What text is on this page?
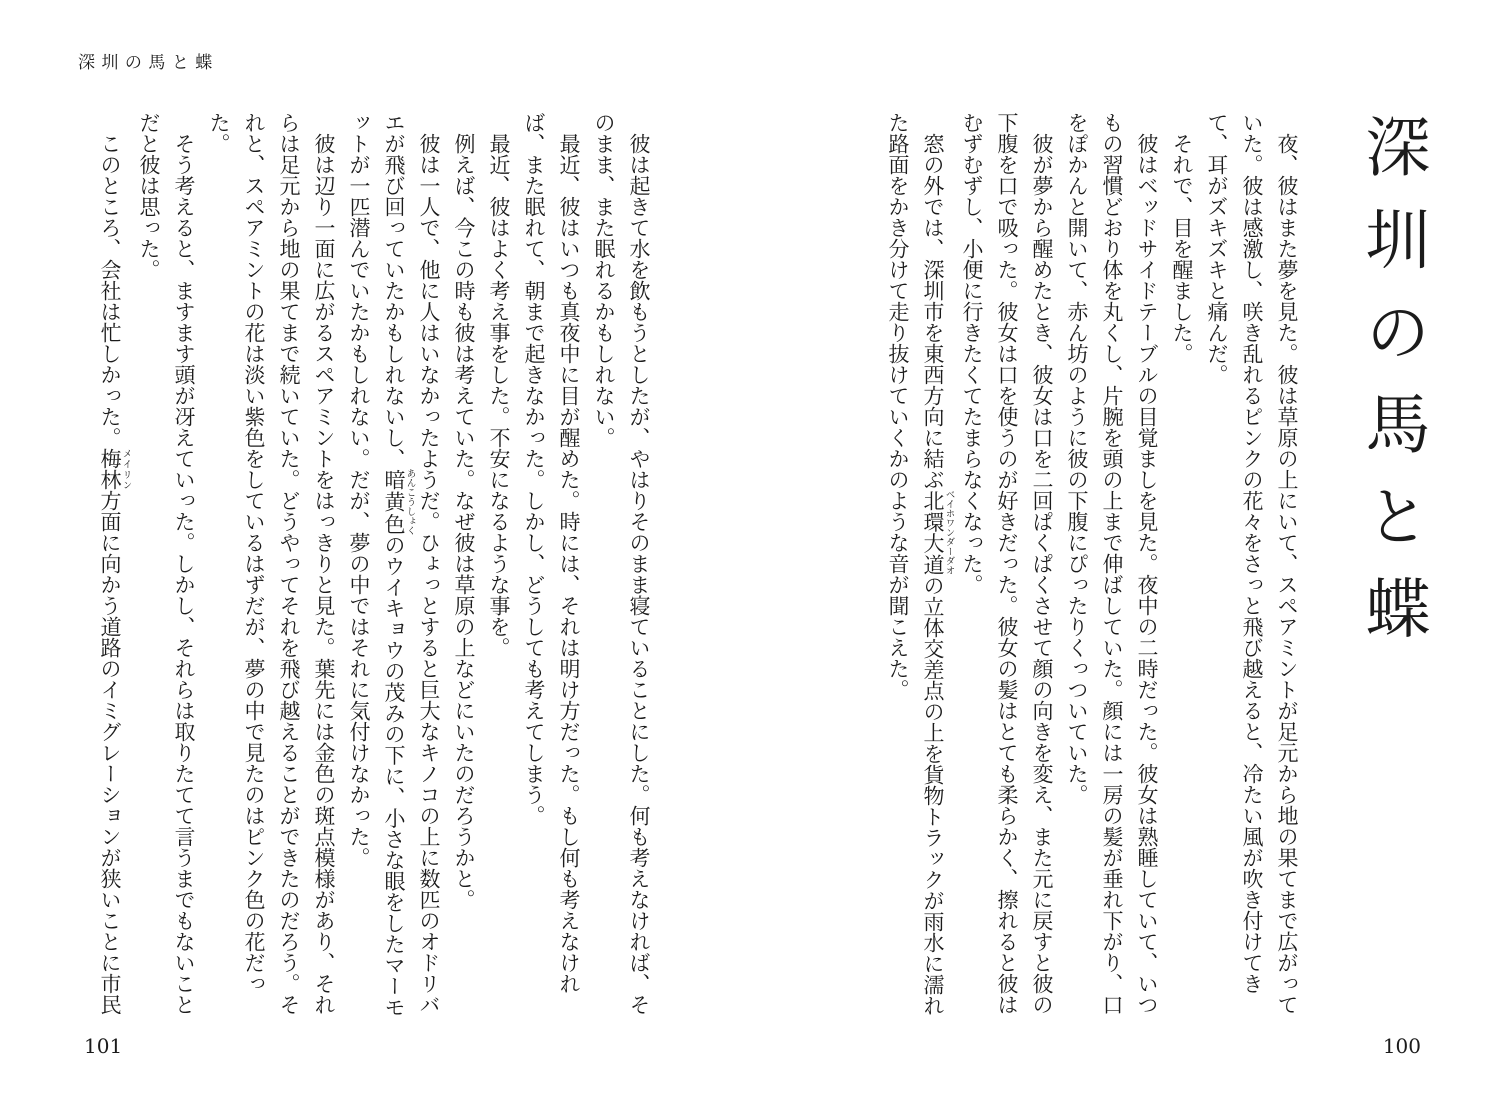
深圳の馬と蝶
深圳の馬と蝶

夜、彼はまた夢を見た。彼は草原の上にいて、スペアミントが足元から地の果てまで広がっていた。彼は感激し、咲き乱れるピンクの花々をさっと飛び越えると、冷たい風が吹き付けてきて、耳がズキズキと痛んだ。

それで、目を醒ました。

彼はベッドサイドテーブルの目覚ましを見た。夜中の二時だった。彼女は熟睡していて、いつもの習慣どおり体を丸くし、片腕を頭の上まで伸ばしていた。顔には一房の髪が垂れ下がり、口をぽかんと開いて、赤ん坊のように彼の下腹にぴったりくっついていた。

彼が夢から醒めたとき、彼女は口を二回ぱくぱくさせて顔の向きを変え、また元に戻すと彼の下腹を口で吸った。彼女は口を使うのが好きだった。彼女の髪はとても柔らかく、擦れると彼はむずむずし、小便に行きたくてたまらなくなった。

窓の外では、深圳市を東西方向に結ぶ北環大道ベイホワンダーダオの立体交差点の上を貨物トラックが雨水に濡れた路面をかき分けて走り抜けていくかのような音が聞こえた。

彼は起きて水を飲もうとしたが、やはりそのまま寝ていることにした。何も考えなければ、そのまま、また眠れるかもしれない。

最近、彼はいつも真夜中に目が醒めた。時には、それは明け方だった。もし何も考えなければ、また眠れて、朝まで起きなかった。しかし、どうしても考えてしまう。

最近、彼はよく考え事をした。不安になるような事を。

例えば、今この時も彼は考えていた。なぜ彼は草原の上などにいたのだろうかと。

彼は一人で、他に人はいなかったようだ。ひょっとすると巨大なキノコの上に数匹のオドリバエが飛び回っていたかもしれないし、暗黄色あんこうしょくのウイキョウの茂みの下に、小さな眼をしたマーモットが一匹潜んでいたかもしれない。だが、夢の中ではそれに気付けなかった。

彼は辺り一面に広がるスペアミントをはっきりと見た。葉先には金色の斑点模様があり、それらは足元から地の果てまで続いていた。どうやってそれを飛び越えることができたのだろう。それと、スペアミントの花は淡い紫色をしているはずだが、夢の中で見たのはピンク色の花だった。

そう考えると、ますます頭が冴えていった。しかし、それらは取りたてて言うまでもないことだと彼は思った。

このところ、会社は忙しかった。梅林メイリン方面に向かう道路のイミグレーションが狭いことに市民

101	100
